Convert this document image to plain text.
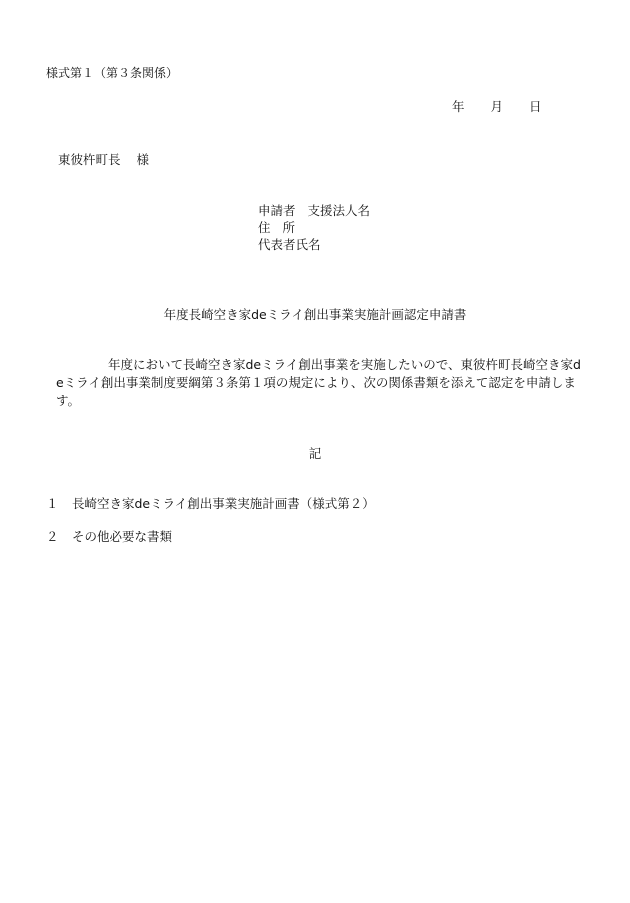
様式第１（第３条関係）
年 月 日
東彼杵町長 様
申請者 支援法人名
住 所
代表者氏名
年度長崎空き家deミライ創出事業実施計画認定申請書
年度において長崎空き家deミライ創出事業を実施したいので、東彼杵町長崎空き家deミライ創出事業制度要綱第３条第１項の規定により、次の関係書類を添えて認定を申請します。
記
１ 長崎空き家deミライ創出事業実施計画書（様式第２）
２ その他必要な書類
